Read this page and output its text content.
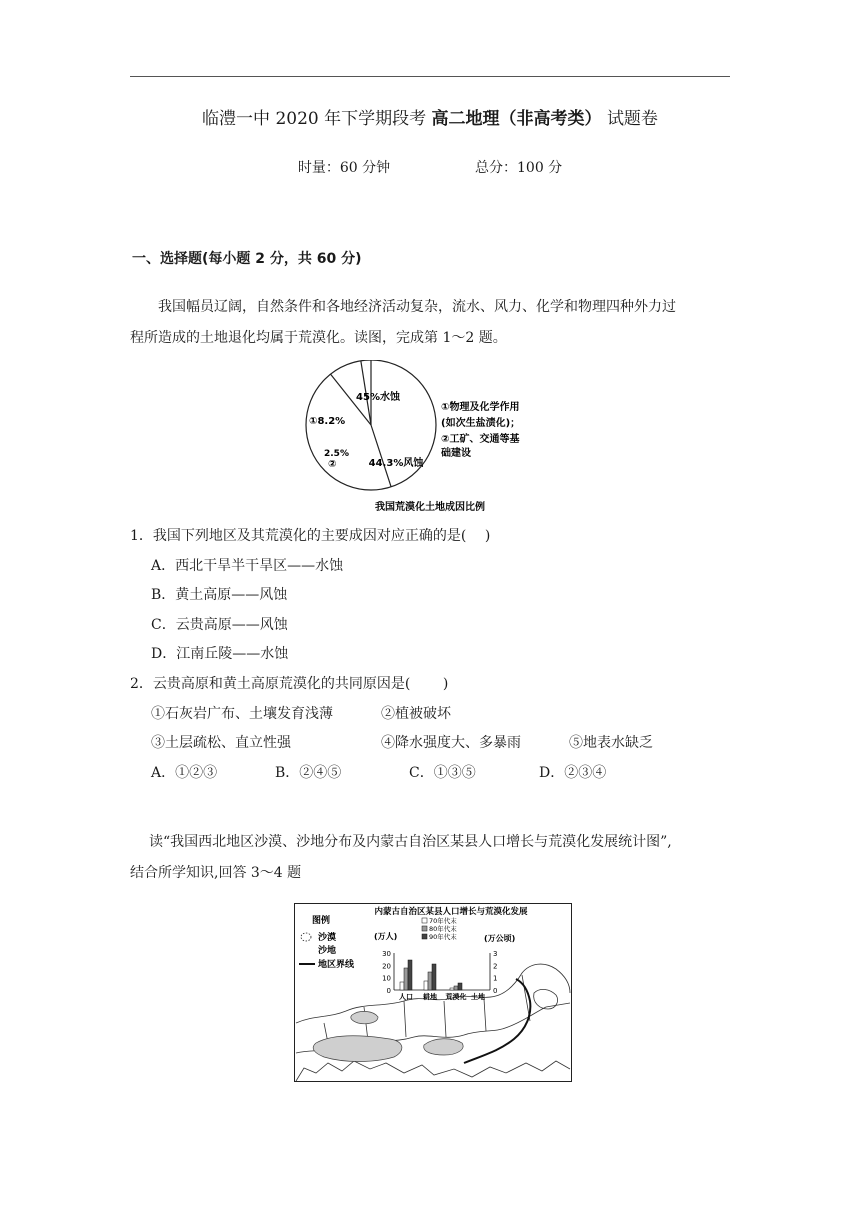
临澧一中 2020 年下学期段考 高二地理（非高考类） 试题卷
时量：60 分钟	总分：100 分
一、选择题(每小题 2 分，共 60 分)
我国幅员辽阔，自然条件和各地经济活动复杂，流水、风力、化学和物理四种外力过
程所造成的土地退化均属于荒漠化。读图，完成第 1～2 题。
45%水蚀
44.3%风蚀
①8.2%
2.5%
②
①物理及化学作用
(如次生盐渍化)；
②工矿、交通等基
础建设
我国荒漠化土地成因比例
1．我国下列地区及其荒漠化的主要成因对应正确的是(　 )
A．西北干旱半干旱区——水蚀
B．黄土高原——风蚀
C．云贵高原——风蚀
D．江南丘陵——水蚀
2．云贵高原和黄土高原荒漠化的共同原因是(　　 )
①石灰岩广布、土壤发育浅薄	②植被破坏
③土层疏松、直立性强	④降水强度大、多暴雨	⑤地表水缺乏
A．①②③	B．②④⑤	C．①③⑤	D．②③④
读“我国西北地区沙漠、沙地分布及内蒙古自治区某县人口增长与荒漠化发展统计图”,
结合所学知识,回答 3～4 题
图例
沙漠
沙地
地区界线
内蒙古自治区某县人口增长与荒漠化发展
(万人)	(万公顷)
70年代末
80年代末
90年代末
30
20
10
0
3
2
1
0
人口 耕地 荒漠化 土地
